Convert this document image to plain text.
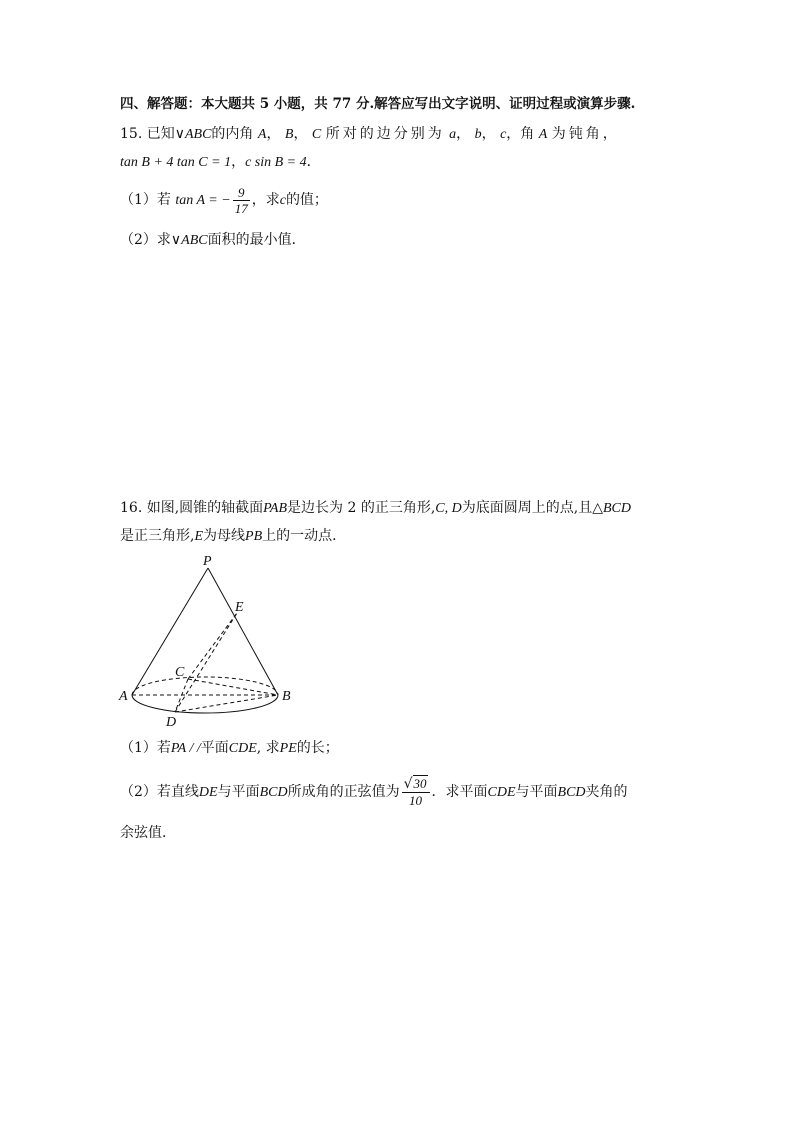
四、解答题：本大题共 5 小题，共 77 分.解答应写出文字说明、证明过程或演算步骤.
15. 已知∨ABC的内角 A， B， C 所对的边分别为 a， b， c，角 A 为钝角，
tan B + 4 tan C = 1，c sin B = 4．
（1）若 tan A = − $\frac{9}{17}$ ，求c的值；
（2）求∨ABC面积的最小值．
16. 如图,圆锥的轴截面PAB是边长为 2 的正三角形,C, D为底面圆周上的点,且△BCD
是正三角形,E为母线PB上的一动点．
P
E
C
A	B
D
（1）若PA / /平面CDE, 求PE的长；
（2）若直线DE与平面BCD所成角的正弦值为 $\frac{√30}{10}$ ．求平面CDE与平面BCD夹角的
余弦值．
